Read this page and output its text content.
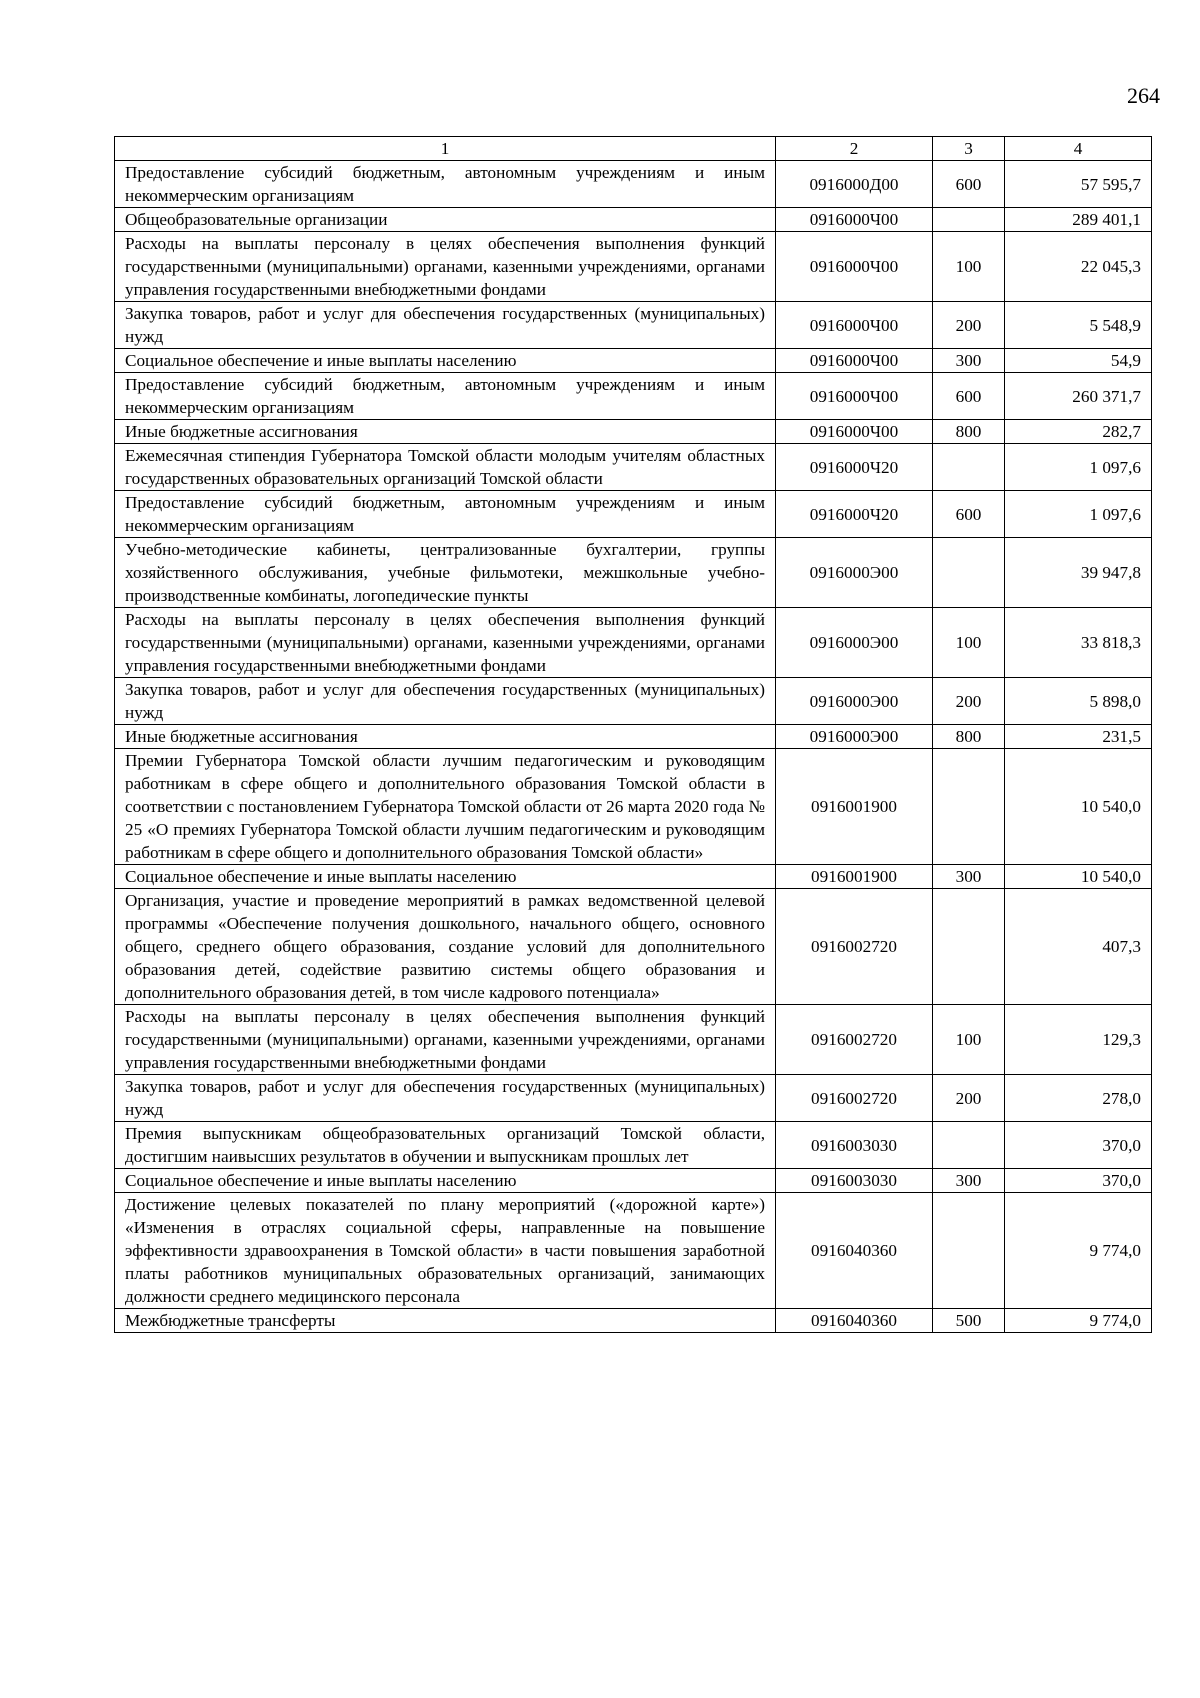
264
1	2	3	4
Предоставление субсидий бюджетным, автономным учреждениям и иным некоммерческим организациям	0916000Д00	600	57 595,7
Общеобразовательные организации	0916000Ч00		289 401,1
Расходы на выплаты персоналу в целях обеспечения выполнения функций государственными (муниципальными) органами, казенными учреждениями, органами управления государственными внебюджетными фондами	0916000Ч00	100	22 045,3
Закупка товаров, работ и услуг для обеспечения государственных (муниципальных) нужд	0916000Ч00	200	5 548,9
Социальное обеспечение и иные выплаты населению	0916000Ч00	300	54,9
Предоставление субсидий бюджетным, автономным учреждениям и иным некоммерческим организациям	0916000Ч00	600	260 371,7
Иные бюджетные ассигнования	0916000Ч00	800	282,7
Ежемесячная стипендия Губернатора Томской области молодым учителям областных государственных образовательных организаций Томской области	0916000Ч20		1 097,6
Предоставление субсидий бюджетным, автономным учреждениям и иным некоммерческим организациям	0916000Ч20	600	1 097,6
Учебно-методические кабинеты, централизованные бухгалтерии, группы хозяйственного обслуживания, учебные фильмотеки, межшкольные учебно-производственные комбинаты, логопедические пункты	0916000Э00		39 947,8
Расходы на выплаты персоналу в целях обеспечения выполнения функций государственными (муниципальными) органами, казенными учреждениями, органами управления государственными внебюджетными фондами	0916000Э00	100	33 818,3
Закупка товаров, работ и услуг для обеспечения государственных (муниципальных) нужд	0916000Э00	200	5 898,0
Иные бюджетные ассигнования	0916000Э00	800	231,5
Премии Губернатора Томской области лучшим педагогическим и руководящим работникам в сфере общего и дополнительного образования Томской области в соответствии с постановлением Губернатора Томской области от 26 марта 2020 года № 25 «О премиях Губернатора Томской области лучшим педагогическим и руководящим работникам в сфере общего и дополнительного образования Томской области»	0916001900		10 540,0
Социальное обеспечение и иные выплаты населению	0916001900	300	10 540,0
Организация, участие и проведение мероприятий в рамках ведомственной целевой программы «Обеспечение получения дошкольного, начального общего, основного общего, среднего общего образования, создание условий для дополнительного образования детей, содействие развитию системы общего образования и дополнительного образования детей, в том числе кадрового потенциала»	0916002720		407,3
Расходы на выплаты персоналу в целях обеспечения выполнения функций государственными (муниципальными) органами, казенными учреждениями, органами управления государственными внебюджетными фондами	0916002720	100	129,3
Закупка товаров, работ и услуг для обеспечения государственных (муниципальных) нужд	0916002720	200	278,0
Премия выпускникам общеобразовательных организаций Томской области, достигшим наивысших результатов в обучении и выпускникам прошлых лет	0916003030		370,0
Социальное обеспечение и иные выплаты населению	0916003030	300	370,0
Достижение целевых показателей по плану мероприятий («дорожной карте») «Изменения в отраслях социальной сферы, направленные на повышение эффективности здравоохранения в Томской области» в части повышения заработной платы работников муниципальных образовательных организаций, занимающих должности среднего медицинского персонала	0916040360		9 774,0
Межбюджетные трансферты	0916040360	500	9 774,0
